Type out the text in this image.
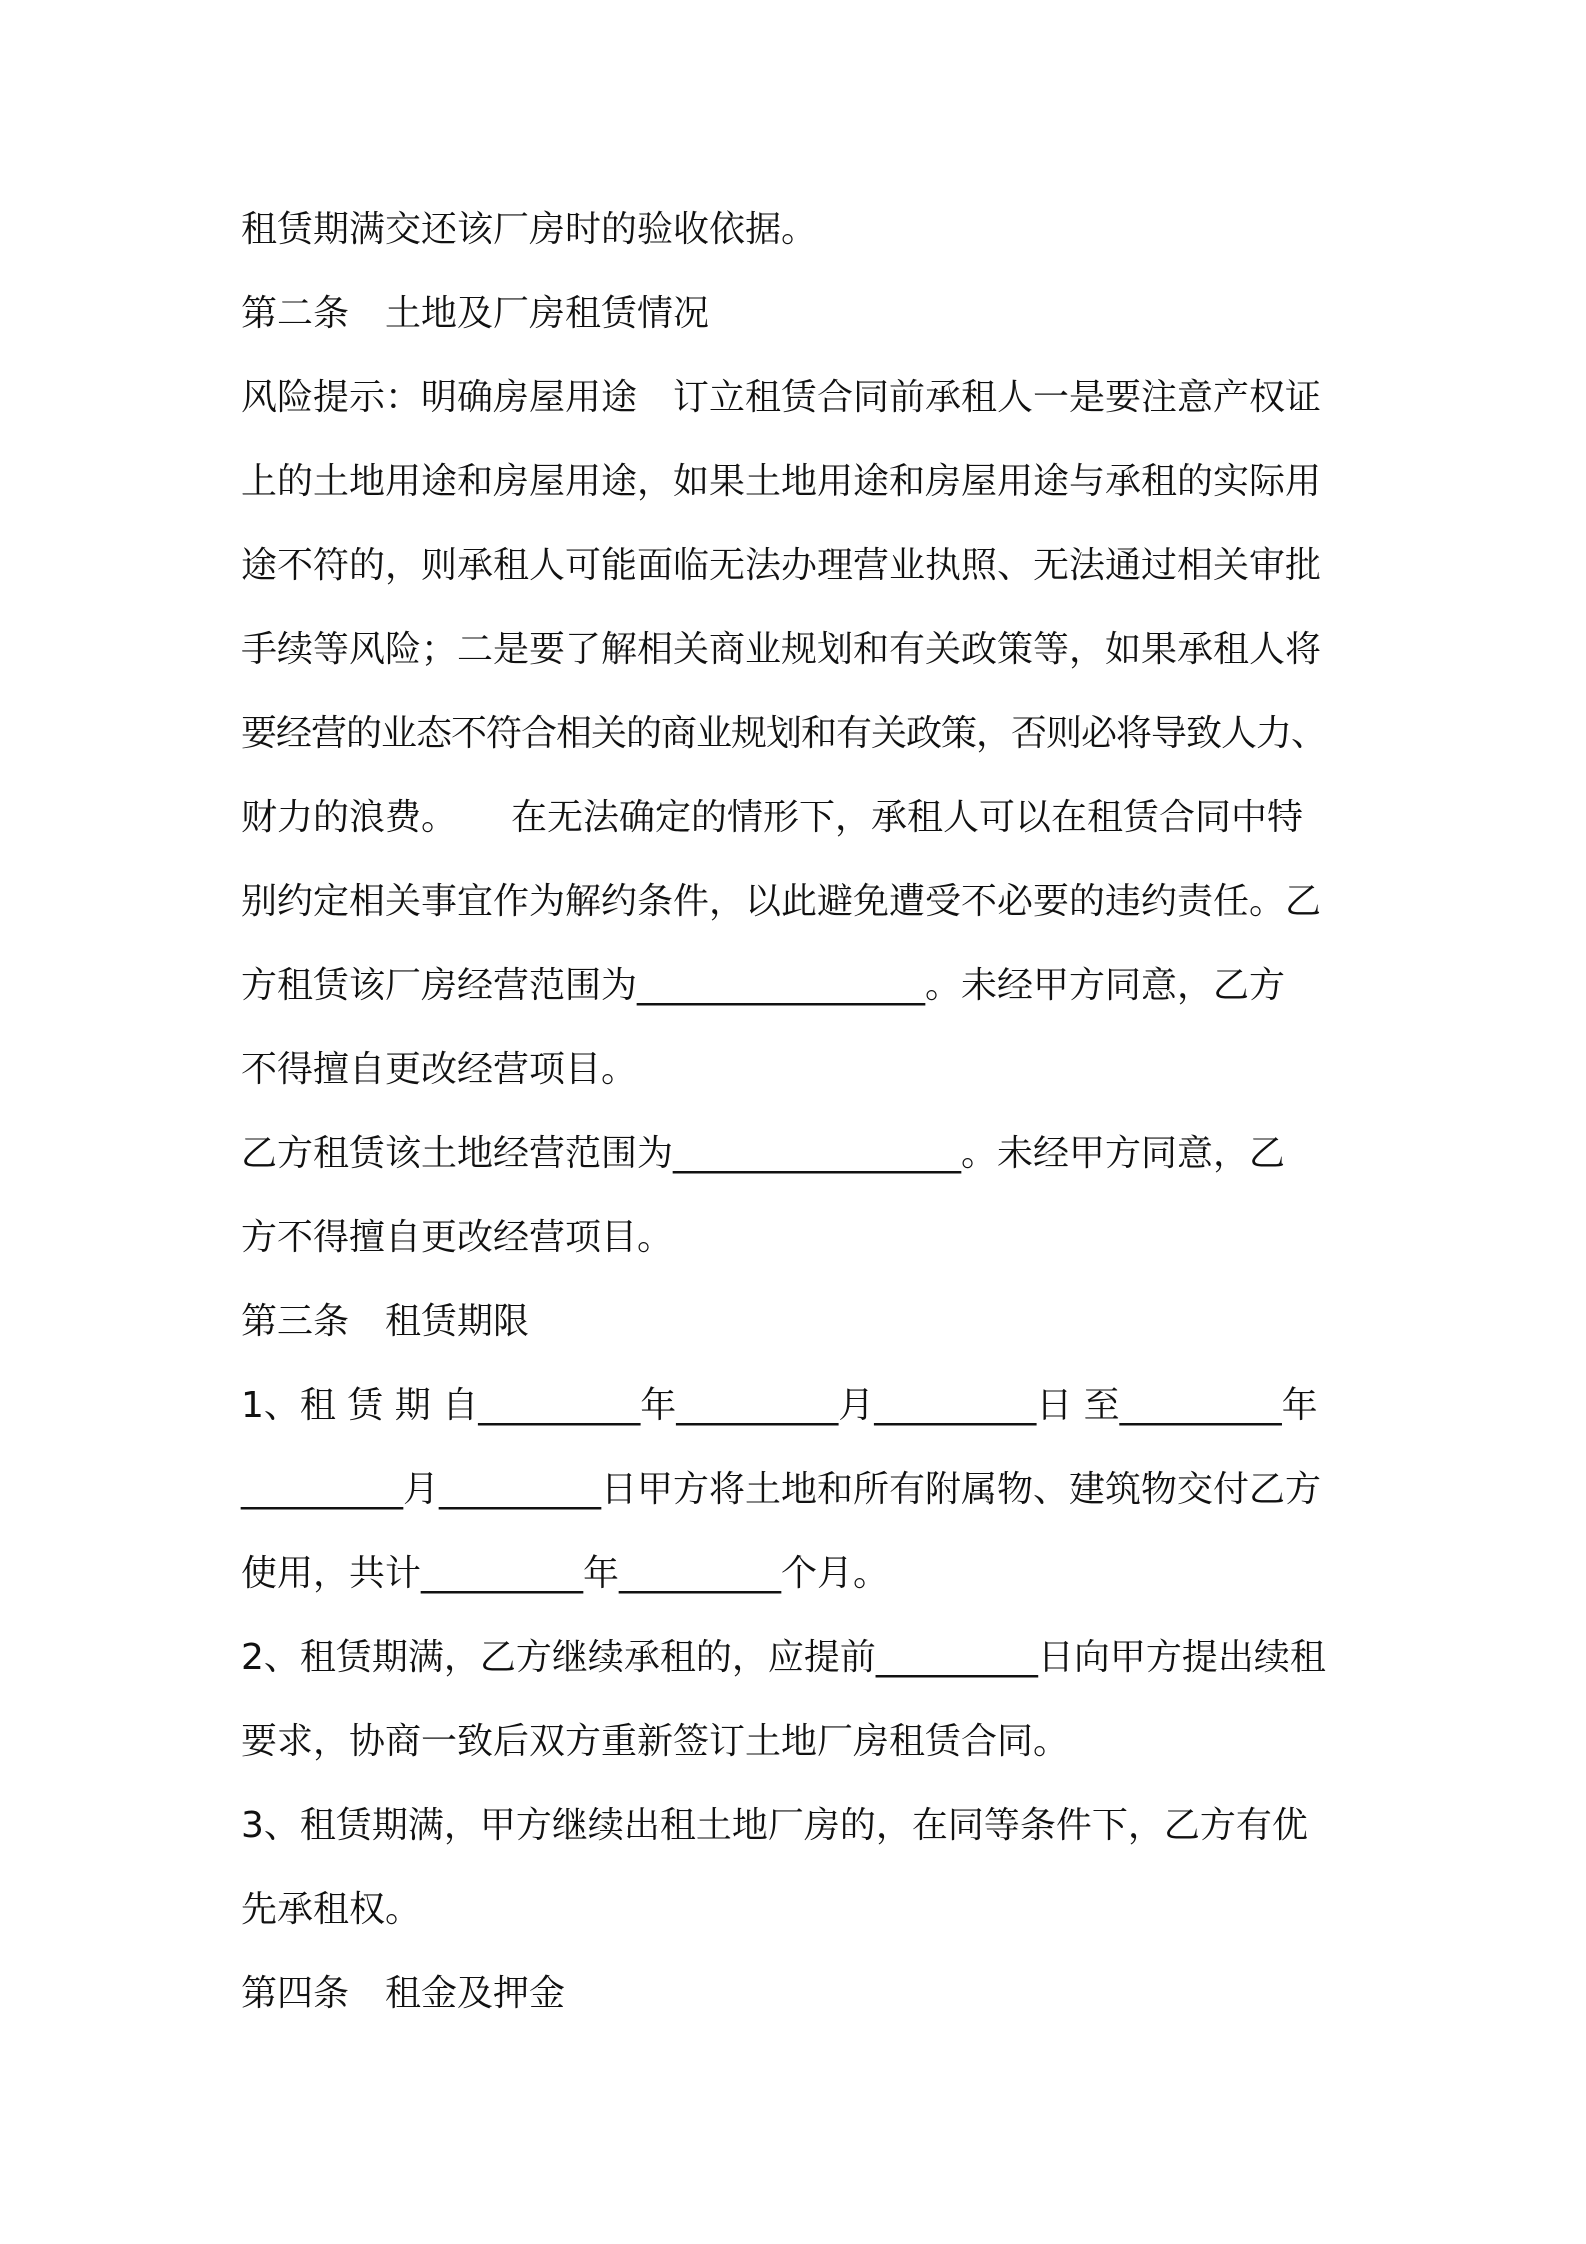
租赁期满交还该厂房时的验收依据。
第二条　土地及厂房租赁情况
风险提示：明确房屋用途　订立租赁合同前承租人一是要注意产权证
上的土地用途和房屋用途，如果土地用途和房屋用途与承租的实际用
途不符的，则承租人可能面临无法办理营业执照、无法通过相关审批
手续等风险；二是要了解相关商业规划和有关政策等，如果承租人将
要经营的业态不符合相关的商业规划和有关政策，否则必将导致人力、
财力的浪费。　　在无法确定的情形下，承租人可以在租赁合同中特
别约定相关事宜作为解约条件，以此避免遭受不必要的违约责任。乙
方租赁该厂房经营范围为________________。未经甲方同意，乙方
不得擅自更改经营项目。
乙方租赁该土地经营范围为________________。未经甲方同意，乙
方不得擅自更改经营项目。
第三条　租赁期限
1、租 赁 期 自_________年_________月_________日 至_________年
_________月_________日甲方将土地和所有附属物、建筑物交付乙方
使用，共计_________年_________个月。
2、租赁期满，乙方继续承租的，应提前_________日向甲方提出续租
要求，协商一致后双方重新签订土地厂房租赁合同。
3、租赁期满，甲方继续出租土地厂房的，在同等条件下，乙方有优
先承租权。
第四条　租金及押金
